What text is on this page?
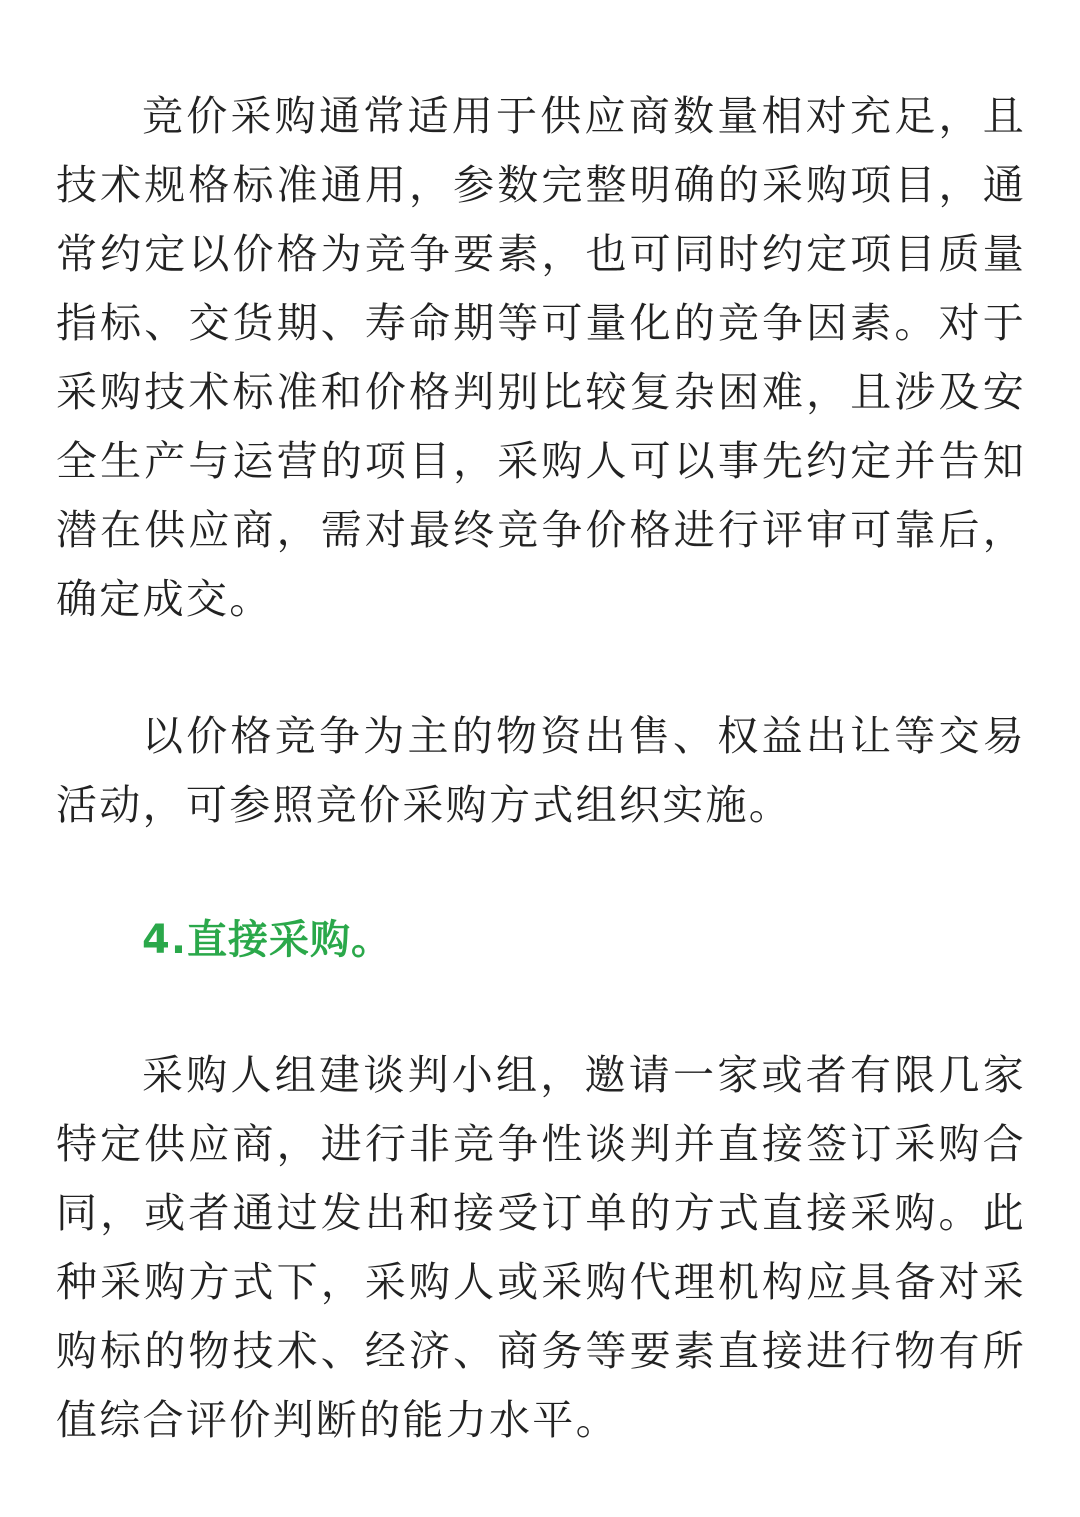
竞价采购通常适用于供应商数量相对充足，且技术规格标准通用，参数完整明确的采购项目，通常约定以价格为竞争要素，也可同时约定项目质量指标、交货期、寿命期等可量化的竞争因素。对于采购技术标准和价格判别比较复杂困难，且涉及安全生产与运营的项目，采购人可以事先约定并告知潜在供应商，需对最终竞争价格进行评审可靠后，确定成交。

以价格竞争为主的物资出售、权益出让等交易活动，可参照竞价采购方式组织实施。

4.直接采购。

采购人组建谈判小组，邀请一家或者有限几家特定供应商，进行非竞争性谈判并直接签订采购合同，或者通过发出和接受订单的方式直接采购。此种采购方式下，采购人或采购代理机构应具备对采购标的物技术、经济、商务等要素直接进行物有所值综合评价判断的能力水平。
